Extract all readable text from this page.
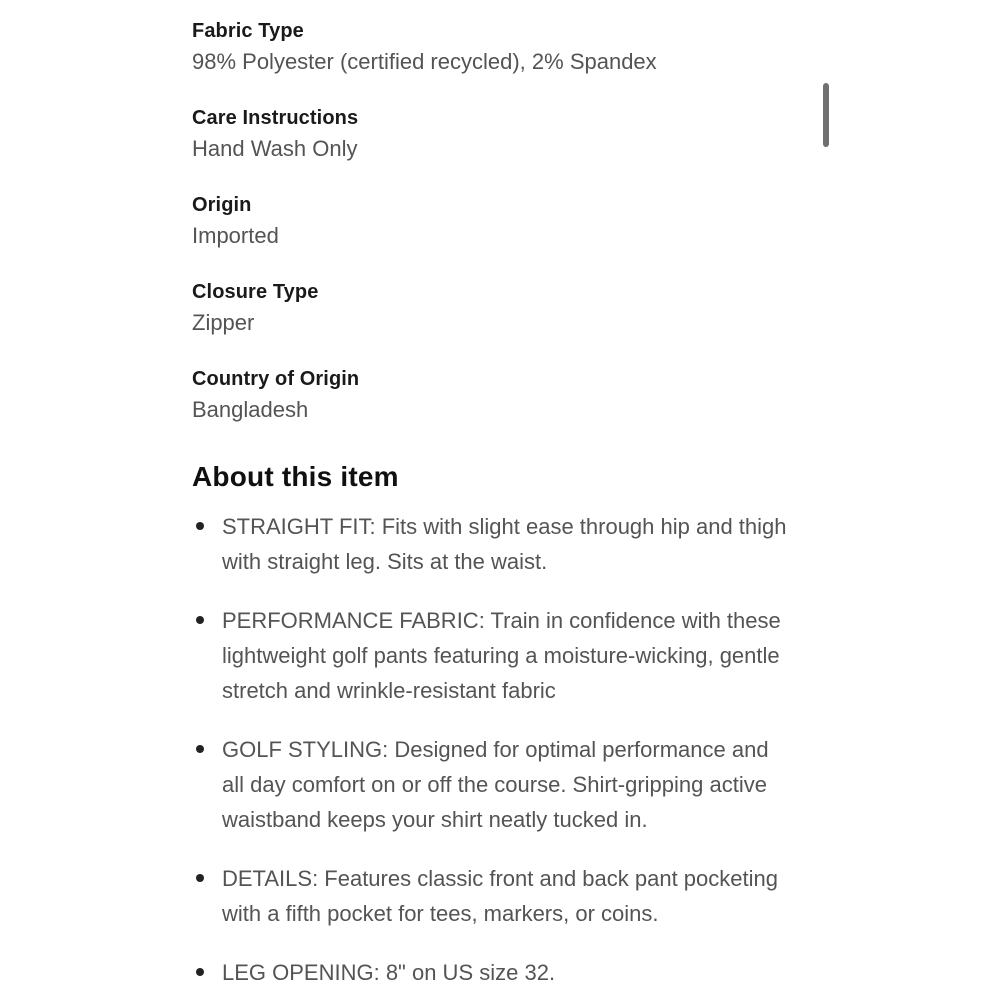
Fabric Type
98% Polyester (certified recycled), 2% Spandex
Care Instructions
Hand Wash Only
Origin
Imported
Closure Type
Zipper
Country of Origin
Bangladesh
About this item
STRAIGHT FIT: Fits with slight ease through hip and thigh with straight leg. Sits at the waist.
PERFORMANCE FABRIC: Train in confidence with these lightweight golf pants featuring a moisture-wicking, gentle stretch and wrinkle-resistant fabric
GOLF STYLING: Designed for optimal performance and all day comfort on or off the course. Shirt-gripping active waistband keeps your shirt neatly tucked in.
DETAILS: Features classic front and back pant pocketing with a fifth pocket for tees, markers, or coins.
LEG OPENING: 8" on US size 32.
